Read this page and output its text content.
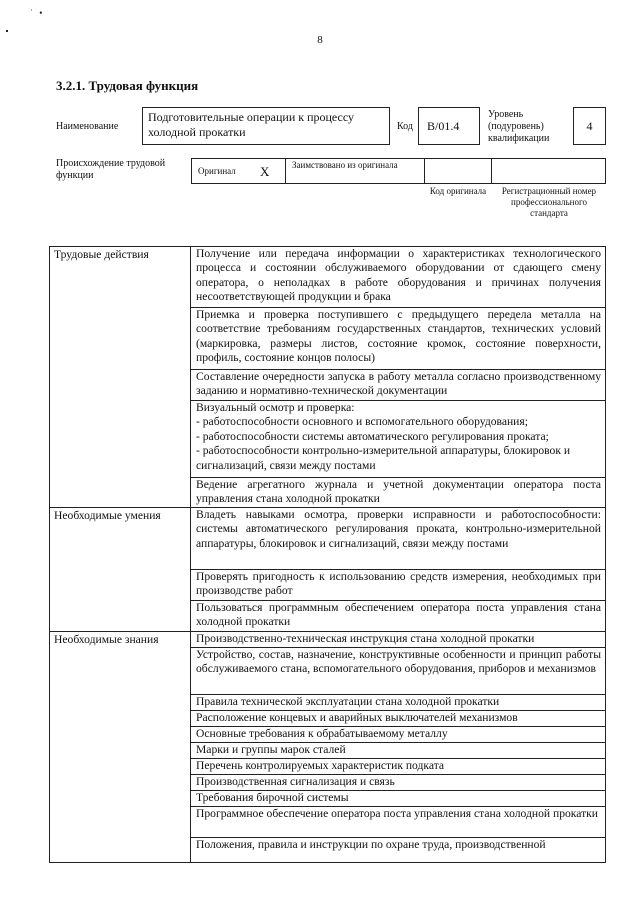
˙ •
8
3.2.1. Трудовая функция
Наименование
Подготовительные операции к процессу холодной прокатки	Код В/01.4
Уровень (подуровень) квалификации
4
Происхождение трудовой функции	Оригинал Х	Заимствовано из оригинала
Код оригинала	Регистрационный номер профессионального стандарта
Трудовые действия	Получение или передача информации о характеристиках технологического процесса и состоянии обслуживаемого оборудовании от сдающего смену оператора, о неполадках в работе оборудования и причинах получения несоответствующей продукции и брака
Приемка и проверка поступившего с предыдущего передела металла на соответствие требованиям государственных стандартов, технических условий (маркировка, размеры листов, состояние кромок, состояние поверхности, профиль, состояние концов полосы)
Составление очередности запуска в работу металла согласно производственному заданию и нормативно-технической документации
Визуальный осмотр и проверка:
- работоспособности основного и вспомогательного оборудования;
- работоспособности системы автоматического регулирования проката;
- работоспособности контрольно-измерительной аппаратуры, блокировок и сигнализаций, связи между постами
Ведение агрегатного журнала и учетной документации оператора поста управления стана холодной прокатки
Необходимые умения	Владеть навыками осмотра, проверки исправности и работоспособности: системы автоматического регулирования проката, контрольно-измерительной аппаратуры, блокировок и сигнализаций, связи между постами
Проверять пригодность к использованию средств измерения, необходимых при производстве работ
Пользоваться программным обеспечением оператора поста управления стана холодной прокатки
Необходимые знания	Производственно-техническая инструкция стана холодной прокатки
Устройство, состав, назначение, конструктивные особенности и принцип работы обслуживаемого стана, вспомогательного оборудования, приборов и механизмов
Правила технической эксплуатации стана холодной прокатки
Расположение концевых и аварийных выключателей механизмов
Основные требования к обрабатываемому металлу
Марки и группы марок сталей
Перечень контролируемых характеристик подката
Производственная сигнализация и связь
Требования бирочной системы
Программное обеспечение оператора поста управления стана холодной прокатки
Положения, правила и инструкции по охране труда, производственной
